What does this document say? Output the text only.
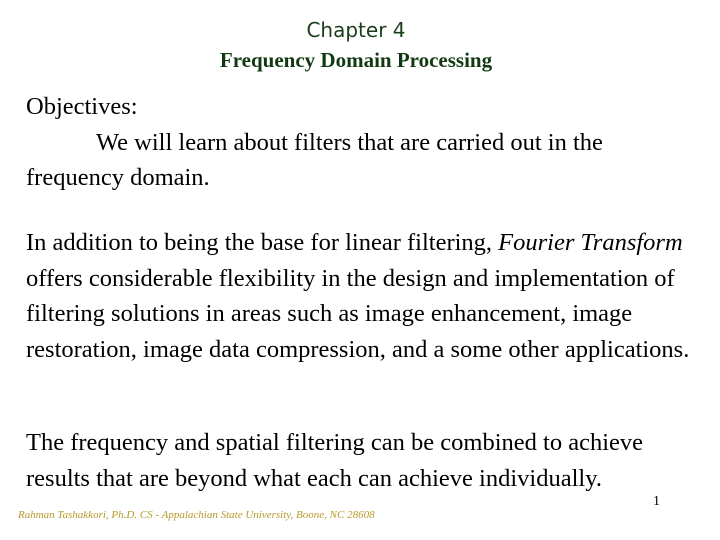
Chapter 4
Frequency Domain Processing
Objectives:
We will learn about filters that are carried out in the frequency domain.
In addition to being the base for linear filtering, Fourier Transform offers considerable flexibility in the design and implementation of filtering solutions in areas such as image enhancement, image restoration, image data compression, and a some other applications.
The frequency and spatial filtering can be combined to achieve results that are beyond what each can achieve individually.
Rahman Tashakkori, Ph.D. CS - Appalachian State University, Boone, NC 28608
1
